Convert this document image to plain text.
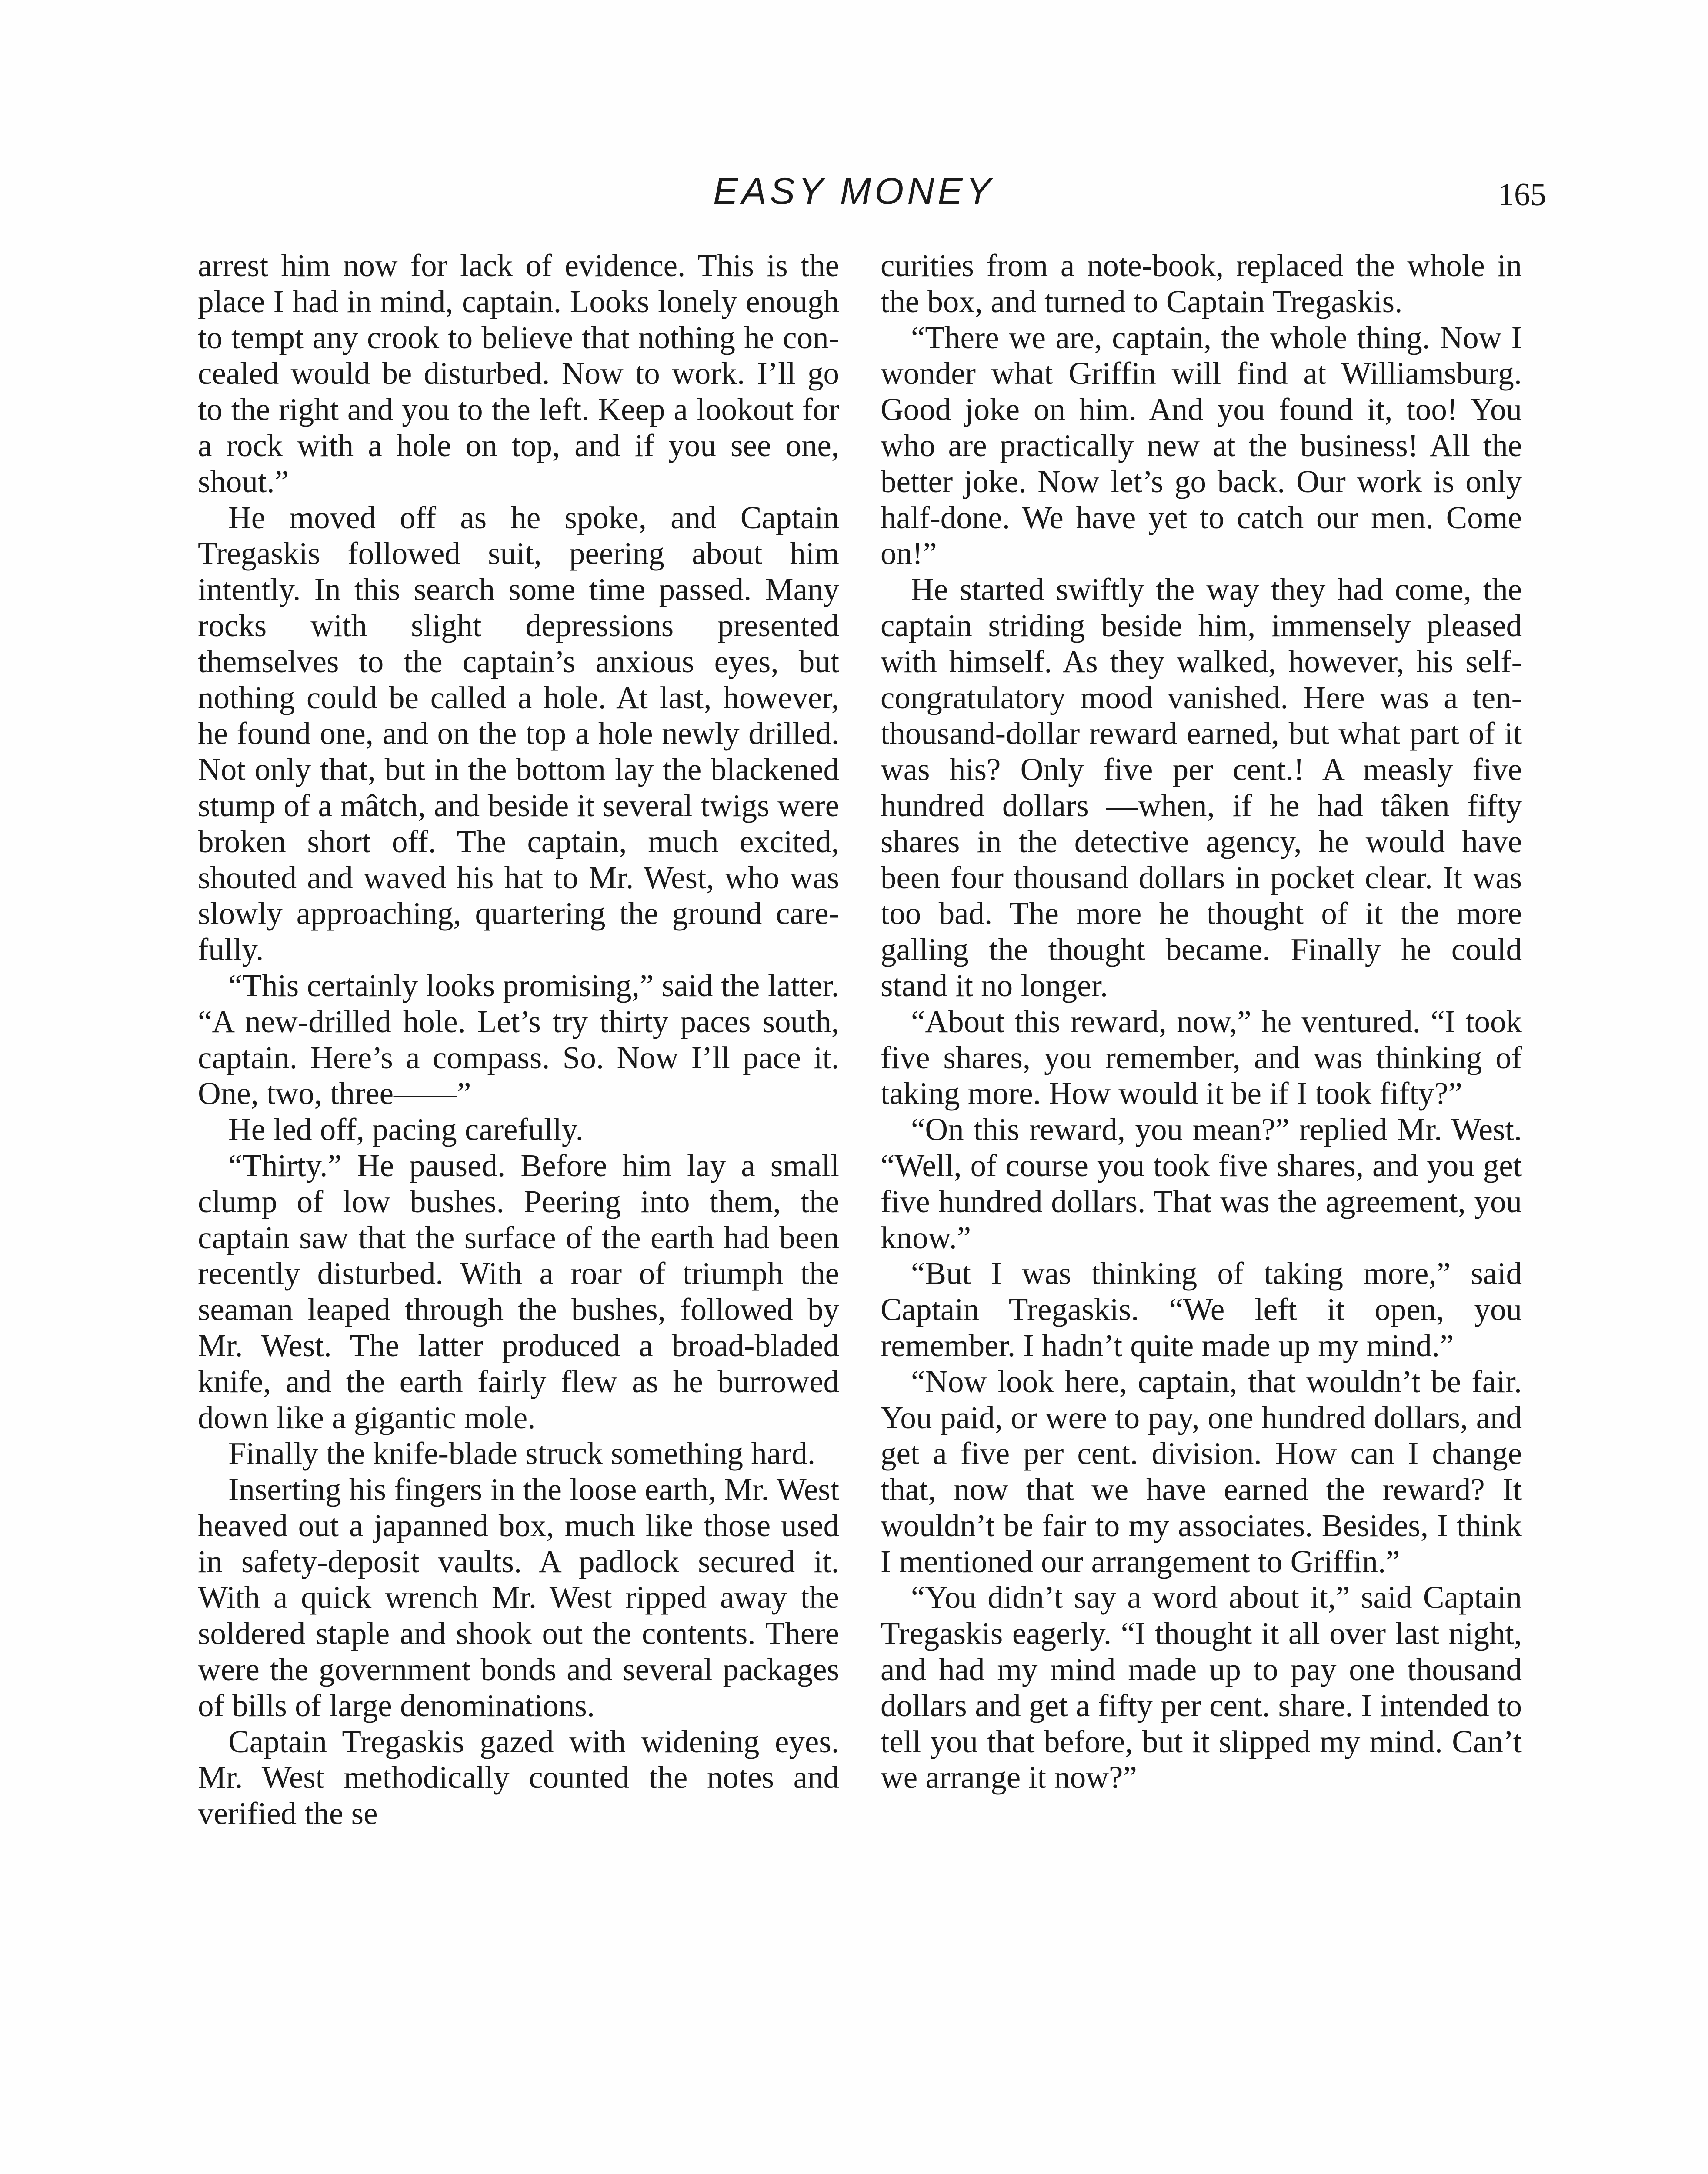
EASY MONEY	165

arrest him now for lack of evidence. This is the place I had in mind, captain. Looks lonely enough to tempt any crook to believe that nothing he concealed would be disturbed. Now to work. I’ll go to the right and you to the left. Keep a lookout for a rock with a hole on top, and if you see one, shout.”

He moved off as he spoke, and Captain Tregaskis followed suit, peering about him intently. In this search some time passed. Many rocks with slight depressions presented themselves to the captain’s anxious eyes, but nothing could be called a hole. At last, however, he found one, and on the top a hole newly drilled. Not only that, but in the bottom lay the blackened stump of a mâtch, and beside it several twigs were broken short off. The captain, much excited, shouted and waved his hat to Mr. West, who was slowly approaching, quartering the ground carefully.

“This certainly looks promising,” said the latter. “A new-drilled hole. Let’s try thirty paces south, captain. Here’s a compass. So. Now I’ll pace it. One, two, three——”

He led off, pacing carefully.

“Thirty.” He paused. Before him lay a small clump of low bushes. Peering into them, the captain saw that the surface of the earth had been recently disturbed. With a roar of triumph the seaman leaped through the bushes, followed by Mr. West. The latter produced a broad-bladed knife, and the earth fairly flew as he burrowed down like a gigantic mole.

Finally the knife-blade struck something hard.

Inserting his fingers in the loose earth, Mr. West heaved out a japanned box, much like those used in safety-deposit vaults. A padlock secured it. With a quick wrench Mr. West ripped away the soldered staple and shook out the contents. There were the government bonds and several packages of bills of large denominations.

Captain Tregaskis gazed with widening eyes. Mr. West methodically counted the notes and verified the se

curities from a note-book, replaced the whole in the box, and turned to Captain Tregaskis.

“There we are, captain, the whole thing. Now I wonder what Griffin will find at Williamsburg. Good joke on him. And you found it, too! You who are practically new at the business! All the better joke. Now let’s go back. Our work is only half-done. We have yet to catch our men. Come on!”

He started swiftly the way they had come, the captain striding beside him, immensely pleased with himself. As they walked, however, his self-congratulatory mood vanished. Here was a ten-thousand-dollar reward earned, but what part of it was his? Only five per cent.! A measly five hundred dollars —when, if he had tâken fifty shares in the detective agency, he would have been four thousand dollars in pocket clear. It was too bad. The more he thought of it the more galling the thought became. Finally he could stand it no longer.

“About this reward, now,” he ventured. “I took five shares, you remember, and was thinking of taking more. How would it be if I took fifty?”

“On this reward, you mean?” replied Mr. West. “Well, of course you took five shares, and you get five hundred dollars. That was the agreement, you know.”

“But I was thinking of taking more,” said Captain Tregaskis. “We left it open, you remember. I hadn’t quite made up my mind.”

“Now look here, captain, that wouldn’t be fair. You paid, or were to pay, one hundred dollars, and get a five per cent. division. How can I change that, now that we have earned the reward? It wouldn’t be fair to my associates. Besides, I think I mentioned our arrangement to Griffin.”

“You didn’t say a word about it,” said Captain Tregaskis eagerly. “I thought it all over last night, and had my mind made up to pay one thousand dollars and get a fifty per cent. share. I intended to tell you that before, but it slipped my mind. Can’t we arrange it now?”
